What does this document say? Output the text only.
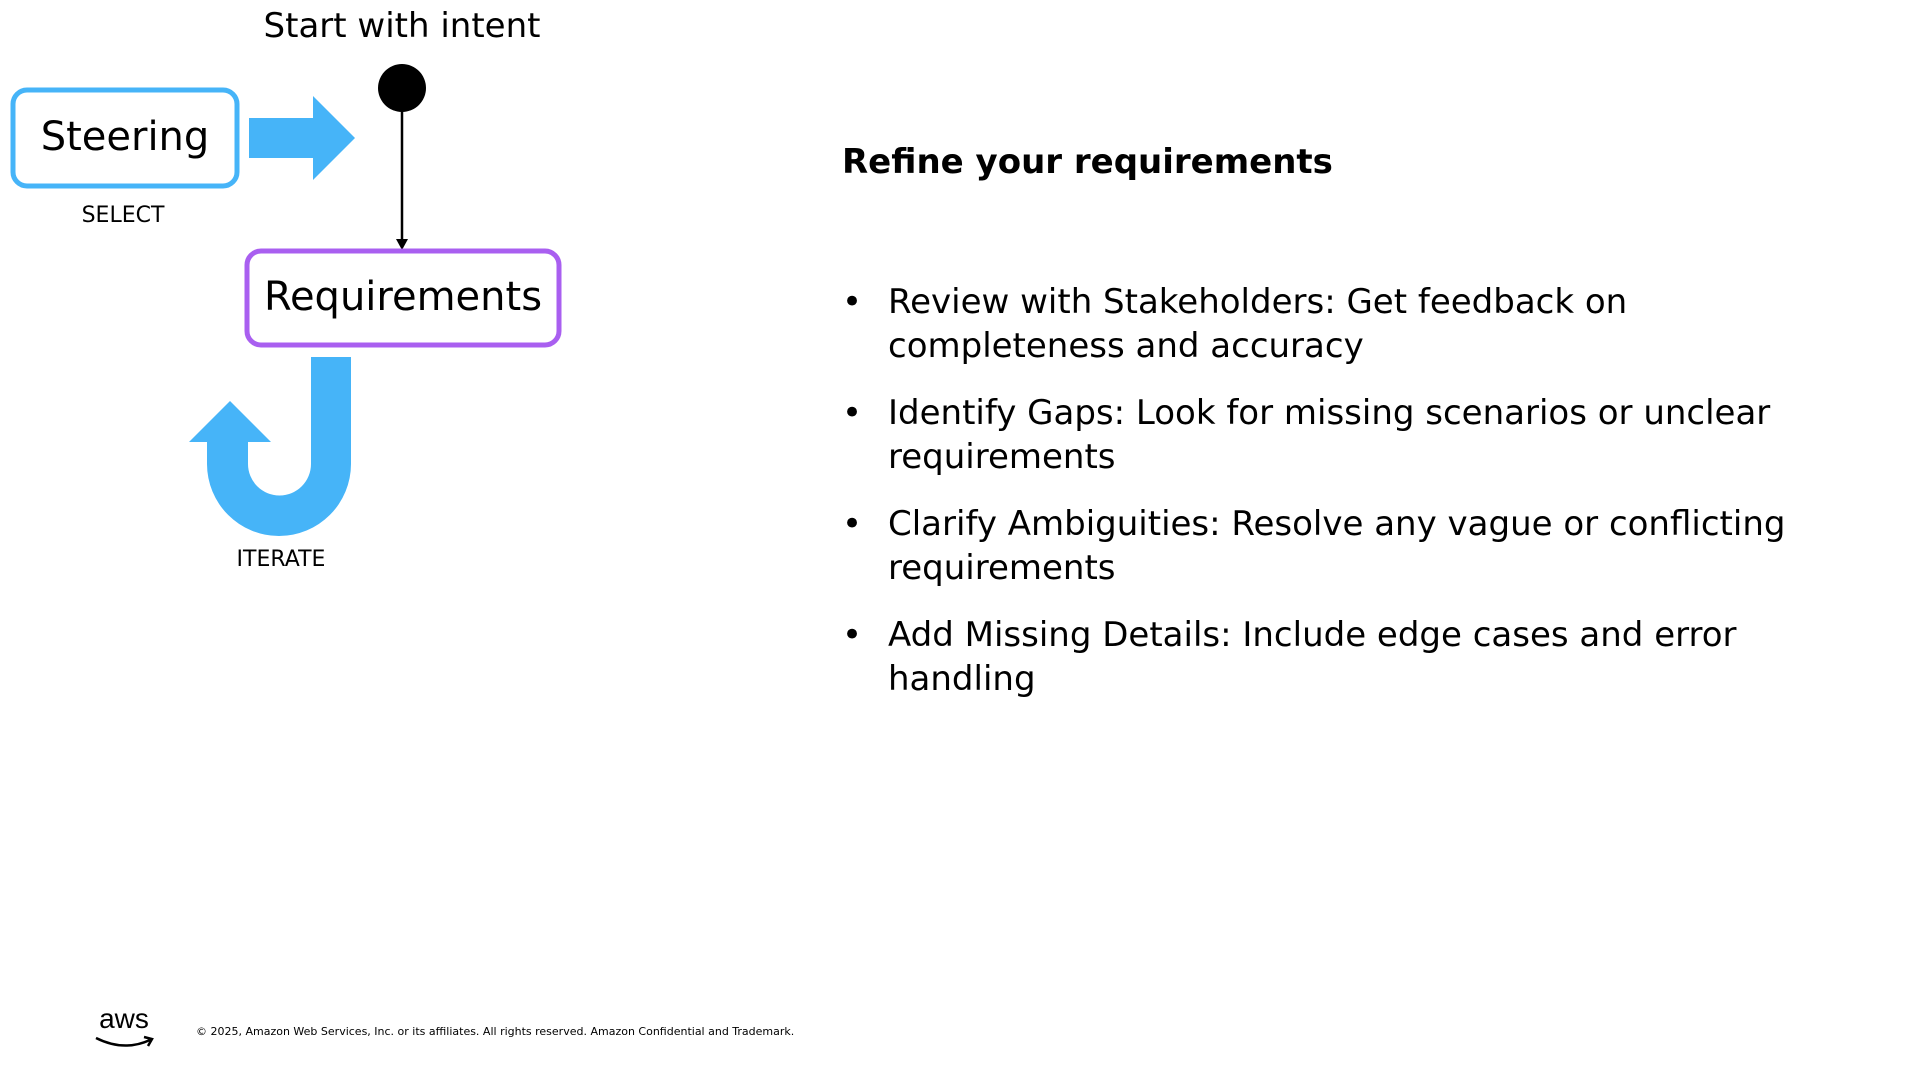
Start with intent
Steering
SELECT
Requirements
ITERATE
Refine your requirements
• Review with Stakeholders: Get feedback on
completeness and accuracy
• Identify Gaps: Look for missing scenarios or unclear
requirements
• Clarify Ambiguities: Resolve any vague or conflicting
requirements
• Add Missing Details: Include edge cases and error
handling
aws	© 2025, Amazon Web Services, Inc. or its affiliates. All rights reserved. Amazon Confidential and Trademark.
